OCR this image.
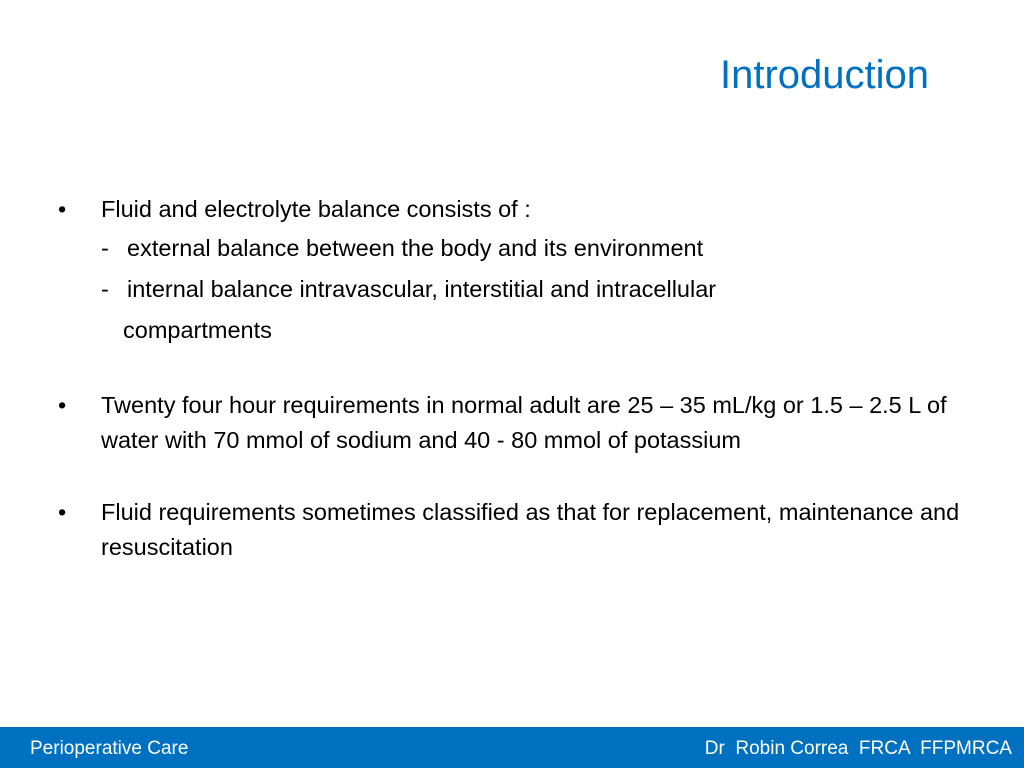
Introduction
• Fluid and electrolyte balance consists of :
- external balance between the body and its environment
- internal balance intravascular, interstitial and intracellular
compartments
• Twenty four hour requirements in normal adult are 25 – 35 mL/kg or 1.5 – 2.5 L of water with 70 mmol of sodium and 40 - 80 mmol of potassium
• Fluid requirements sometimes classified as that for replacement, maintenance and resuscitation
Perioperative Care	Dr  Robin Correa  FRCA  FFPMRCA
